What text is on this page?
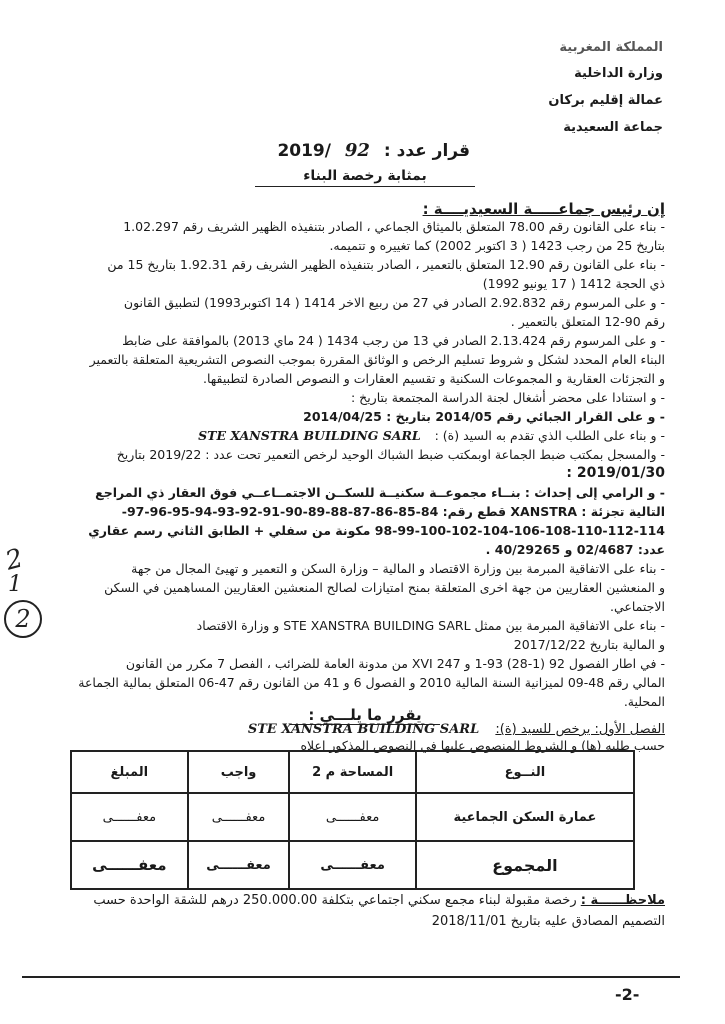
المملكة المغربية
وزارة الداخلية
عمالة إقليم بركان
جماعة السعيدية
قرار عدد : 92 2019/
بمثابة رخصة البناء
إن رئيس جماعـــــة السعيديــــة :
- بناء على القانون رقم 78.00 المتعلق بالميثاق الجماعي ، الصادر بتنفيذه الظهير الشريف رقم 1.02.297
بتاريخ 25 من رجب 1423 ( 3 اكتوبر 2002) كما تغييره و تتميمه.
- بناء على القانون رقم 12.90 المتعلق بالتعمير ، الصادر بتنفيذه الظهير الشريف رقم 1.92.31 بتاريخ 15 من
ذي الحجة 1412 ( 17 يونيو 1992)
- و على المرسوم رقم 2.92.832 الصادر في 27 من ربيع الاخر 1414 ( 14 اكتوبر1993) لتطبيق القانون
رقم 90-12 المتعلق بالتعمير .
- و على المرسوم رقم 2.13.424 الصادر في 13 من رجب 1434 ( 24 ماي 2013) بالموافقة على ضابط
البناء العام المحدد لشكل و شروط تسليم الرخص و الوثائق المقررة بموجب النصوص التشريعية المتعلقة بالتعمير
و التجزئات العقارية و المجموعات السكنية و تقسيم العقارات و النصوص الصادرة لتطبيقها.
- و استنادا على محضر أشغال لجنة الدراسة المجتمعة بتاريخ :
- و على القرار الجبائي رقم 2014/05 بتاريخ : 2014/04/25
- و بناء على الطلب الذي تقدم به السيد (ة) : STE XANSTRA BUILDING SARL
- والمسجل بمكتب ضبط الجماعة اوبمكتب ضبط الشباك الوحيد لرخص التعمير تحت عدد : 2019/22 بتاريخ
2019/01/30 :
- و الرامي إلى إحداث : بنــاء مجموعــة سكنيــة للسكــن الاجتمــاعــي فوق العقار ذي المراجع
التالية تجزئة : XANSTRA قطع رقم: 84-85-86-87-88-89-90-91-92-93-94-95-96-97-
98-99-100-102-104-106-108-110-112-114 مكونة من سفلي + الطابق الثاني رسم عقاري
عدد: 02/4687 و 40/29265 .
- بناء على الاتفاقية المبرمة بين وزارة الاقتصاد و المالية – وزارة السكن و التعمير و تهيئ المجال من جهة
و المنعشين العقاريين من جهة اخرى المتعلقة بمنح امتيازات لصالح المنعشين العقاريين المساهمين في السكن
الاجتماعي.
- بناء على الاتفاقية المبرمة بين ممثل STE XANSTRA BUILDING SARL و وزارة الاقتصاد
و المالية بتاريخ 2017/12/22
- في اطار الفصول 92 (1-28) 93-1 و 247 XVI من مدونة العامة للضرائب ، الفصل 7 مكرر من القانون
المالي رقم 48-09 لميزانية السنة المالية 2010 و الفصول 6 و 41 من القانون رقم 47-06 المتعلق بمالية الجماعة
المحلية.
يقرر ما يلـــي :
الفصل الأول: يرخص للسيد (ة): STE XANSTRA BUILDING SARL
حسب طلبه (ها) و الشروط المنصوص عليها في النصوص المذكور اعلاه
النــوع	المساحة م 2	واجب	المبلغ
عمارة السكن الجماعية	معفــــــى	معفــــــى	معفــــــى
المجموع	معفــــــى	معفــــــى	معفــــــى
ملاحظــــــة : رخصة مقبولة لبناء مجمع سكني اجتماعي بتكلفة 250.000.00 درهم للشقة الواحدة حسب
التصميم المصادق عليه بتاريخ 2018/11/01
-2-
2
1
2
